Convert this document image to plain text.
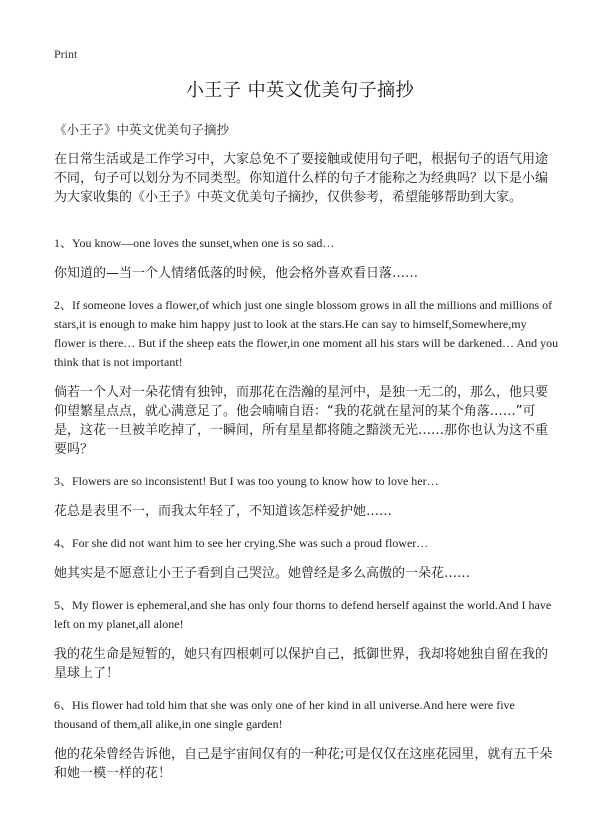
Print
小王子 中英文优美句子摘抄
《小王子》中英文优美句子摘抄
在日常生活或是工作学习中，大家总免不了要接触或使用句子吧，根据句子的语气用途不同，句子可以划分为不同类型。你知道什么样的句子才能称之为经典吗？以下是小编为大家收集的《小王子》中英文优美句子摘抄，仅供参考，希望能够帮助到大家。

1、You know—one loves the sunset,when one is so sad…

你知道的—当一个人情绪低落的时候，他会格外喜欢看日落……

2、If someone loves a flower,of which just one single blossom grows in all the millions and millions of stars,it is enough to make him happy just to look at the stars.He can say to himself,Somewhere,my flower is there… But if the sheep eats the flower,in one moment all his stars will be darkened… And you think that is not important!

倘若一个人对一朵花情有独钟，而那花在浩瀚的星河中，是独一无二的，那么，他只要仰望繁星点点，就心满意足了。他会喃喃自语：“我的花就在星河的某个角落……”可是，这花一旦被羊吃掉了，一瞬间，所有星星都将随之黯淡无光……那你也认为这不重要吗？

3、Flowers are so inconsistent! But I was too young to know how to love her…

花总是表里不一，而我太年轻了，不知道该怎样爱护她……

4、For she did not want him to see her crying.She was such a proud flower…

她其实是不愿意让小王子看到自己哭泣。她曾经是多么高傲的一朵花……

5、My flower is ephemeral,and she has only four thorns to defend herself against the world.And I have left on my planet,all alone!

我的花生命是短暂的，她只有四根刺可以保护自己，抵御世界，我却将她独自留在我的星球上了！

6、His flower had told him that she was only one of her kind in all universe.And here were five thousand of them,all alike,in one single garden!

他的花朵曾经告诉他，自己是宇宙间仅有的一种花;可是仅仅在这座花园里，就有五千朵和她一模一样的花！
